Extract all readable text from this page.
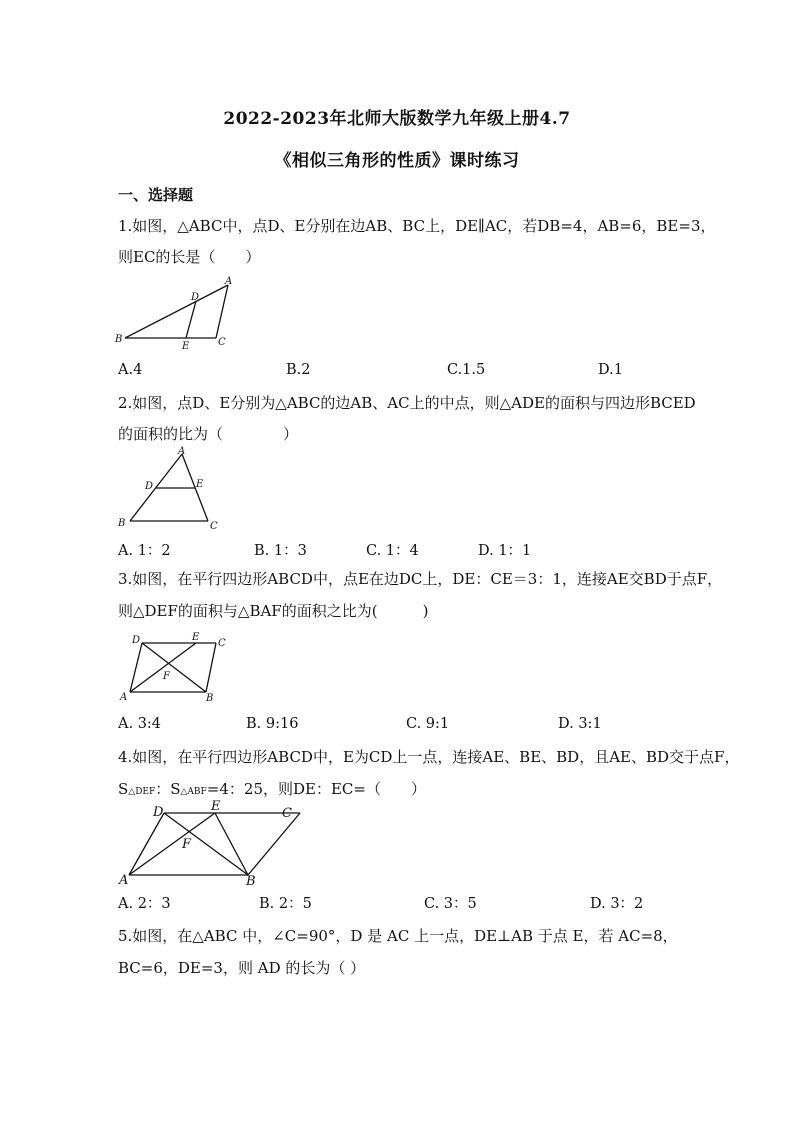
2022-2023年北师大版数学九年级上册4.7
《相似三角形的性质》课时练习
一、选择题
1.如图，△ABC中，点D、E分别在边AB、BC上，DE∥AC，若DB=4，AB=6，BE=3，
则EC的长是（　　）
A
B	C
D
E
A.4	B.2	C.1.5	D.1
2.如图，点D、E分别为△ABC的边AB、AC上的中点，则△ADE的面积与四边形BCED
的面积的比为（　　　　）
A
B	C
D	E
A. 1：2	B. 1：3	C. 1：4	D. 1：1
3.如图，在平行四边形ABCD中，点E在边DC上，DE：CE＝3：1，连接AE交BD于点F，
则△DEF的面积与△BAF的面积之比为(　　　)
D	E
C
A	B
F
A. 3:4	B. 9:16	C. 9:1	D. 3:1
4.如图，在平行四边形ABCD中，E为CD上一点，连接AE、BE、BD，且AE、BD交于点F，
S△DEF：S△ABF=4：25，则DE：EC=（　　）
D	E	C
A	B
F
A. 2：3	B. 2：5	C. 3：5	D. 3：2
5.如图，在△ABC 中，∠C=90°，D 是 AC 上一点，DE⊥AB 于点 E，若 AC=8，
BC=6，DE=3，则 AD 的长为（ ）
